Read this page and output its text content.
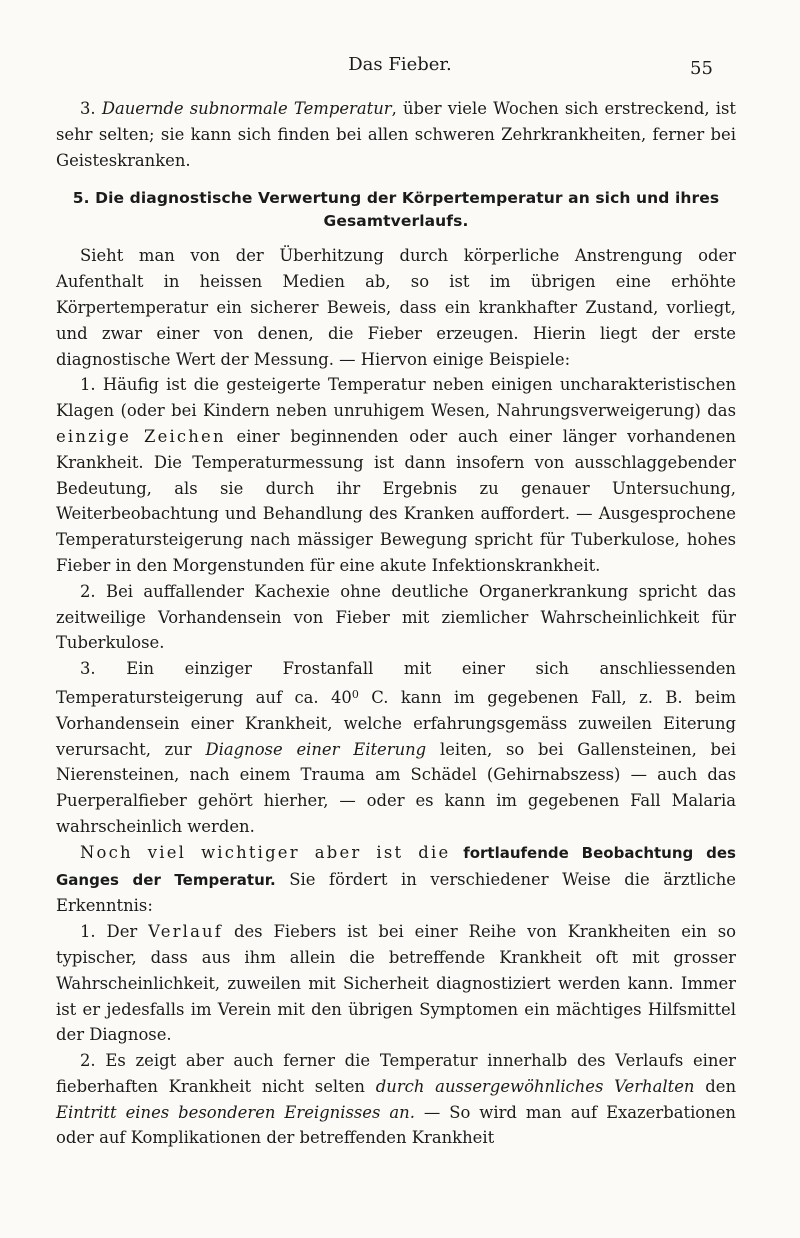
Das Fieber.	55

3. Dauernde subnormale Temperatur, über viele Wochen sich erstreckend, ist sehr selten; sie kann sich finden bei allen schweren Zehrkrankheiten, ferner bei Geisteskranken.

5. Die diagnostische Verwertung der Körpertemperatur an sich und ihres Gesamtverlaufs.

Sieht man von der Überhitzung durch körperliche Anstrengung oder Aufenthalt in heissen Medien ab, so ist im übrigen eine erhöhte Körpertemperatur ein sicherer Beweis, dass ein krankhafter Zustand, vorliegt, und zwar einer von denen, die Fieber erzeugen. Hierin liegt der erste diagnostische Wert der Messung. — Hiervon einige Beispiele:

1. Häufig ist die gesteigerte Temperatur neben einigen uncharakteristischen Klagen (oder bei Kindern neben unruhigem Wesen, Nahrungsverweigerung) das einzige Zeichen einer beginnenden oder auch einer länger vorhandenen Krankheit. Die Temperaturmessung ist dann insofern von ausschlaggebender Bedeutung, als sie durch ihr Ergebnis zu genauer Untersuchung, Weiterbeobachtung und Behandlung des Kranken auffordert. — Ausgesprochene Temperatursteigerung nach mässiger Bewegung spricht für Tuberkulose, hohes Fieber in den Morgenstunden für eine akute Infektionskrankheit.

2. Bei auffallender Kachexie ohne deutliche Organerkrankung spricht das zeitweilige Vorhandensein von Fieber mit ziemlicher Wahrscheinlichkeit für Tuberkulose.

3. Ein einziger Frostanfall mit einer sich anschliessenden Temperatursteigerung auf ca. $40^0$ C. kann im gegebenen Fall, z. B. beim Vorhandensein einer Krankheit, welche erfahrungsgemäss zuweilen Eiterung verursacht, zur Diagnose einer Eiterung leiten, so bei Gallensteinen, bei Nierensteinen, nach einem Trauma am Schädel (Gehirnabszess) — auch das Puerperalfieber gehört hierher, — oder es kann im gegebenen Fall Malaria wahrscheinlich werden.

Noch viel wichtiger aber ist die fortlaufende Beobachtung des Ganges der Temperatur. Sie fördert in verschiedener Weise die ärztliche Erkenntnis:

1. Der Verlauf des Fiebers ist bei einer Reihe von Krankheiten ein so typischer, dass aus ihm allein die betreffende Krankheit oft mit grosser Wahrscheinlichkeit, zuweilen mit Sicherheit diagnostiziert werden kann. Immer ist er jedesfalls im Verein mit den übrigen Symptomen ein mächtiges Hilfsmittel der Diagnose.

2. Es zeigt aber auch ferner die Temperatur innerhalb des Verlaufs einer fieberhaften Krankheit nicht selten durch aussergewöhnliches Verhalten den Eintritt eines besonderen Ereignisses an. — So wird man auf Exazerbationen oder auf Komplikationen der betreffenden Krankheit
